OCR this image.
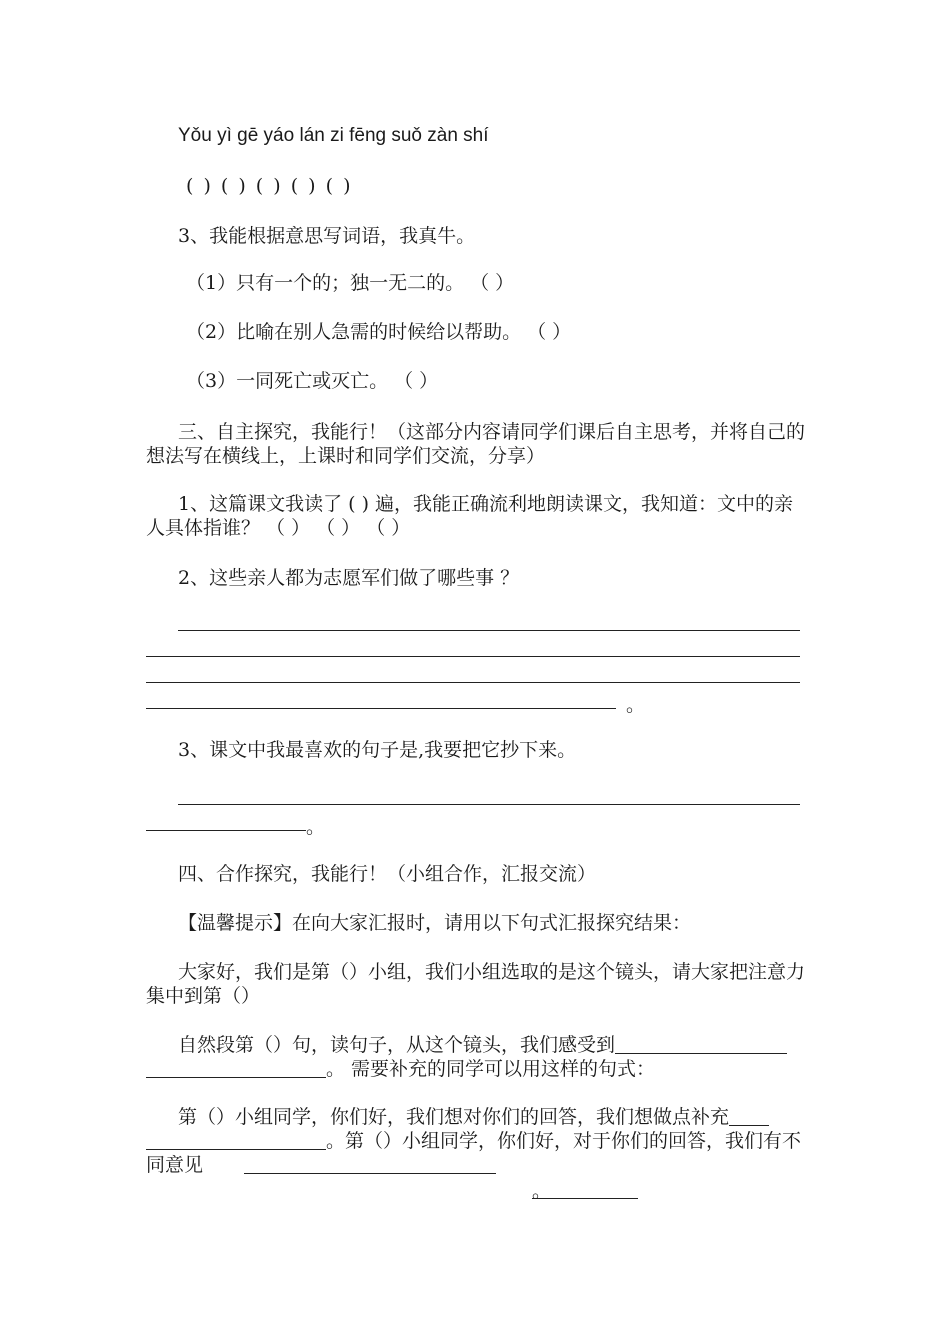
Yǒu yì gē yáo lán zi fēng suǒ zàn shí
( ) ( ) ( ) ( ) ( )
3、我能根据意思写词语，我真牛。
（1）只有一个的；独一无二的。 （ ）
（2）比喻在别人急需的时候给以帮助。 （ ）
（3）一同死亡或灭亡。 （ ）
三、自主探究，我能行！（这部分内容请同学们课后自主思考，并将自己的想法写在横线上，上课时和同学们交流，分享）
1、这篇课文我读了 ( ) 遍，我能正确流利地朗读课文，我知道：文中的亲人具体指谁？ （ ） （ ） （ ）
2、这些亲人都为志愿军们做了哪些事 ？
。
3、课文中我最喜欢的句子是,我要把它抄下来。
。
四、合作探究，我能行！（小组合作，汇报交流）
【温馨提示】在向大家汇报时，请用以下句式汇报探究结果：
大家好，我们是第（）小组，我们小组选取的是这个镜头，请大家把注意力集中到第（）
自然段第（）句，读句子，从这个镜头，我们感受到
。 需要补充的同学可以用这样的句式：
第（）小组同学，你们好，我们想对你们的回答，我们想做点补充
。第（）小组同学，你们好，对于你们的回答，我们有不同意见
。
